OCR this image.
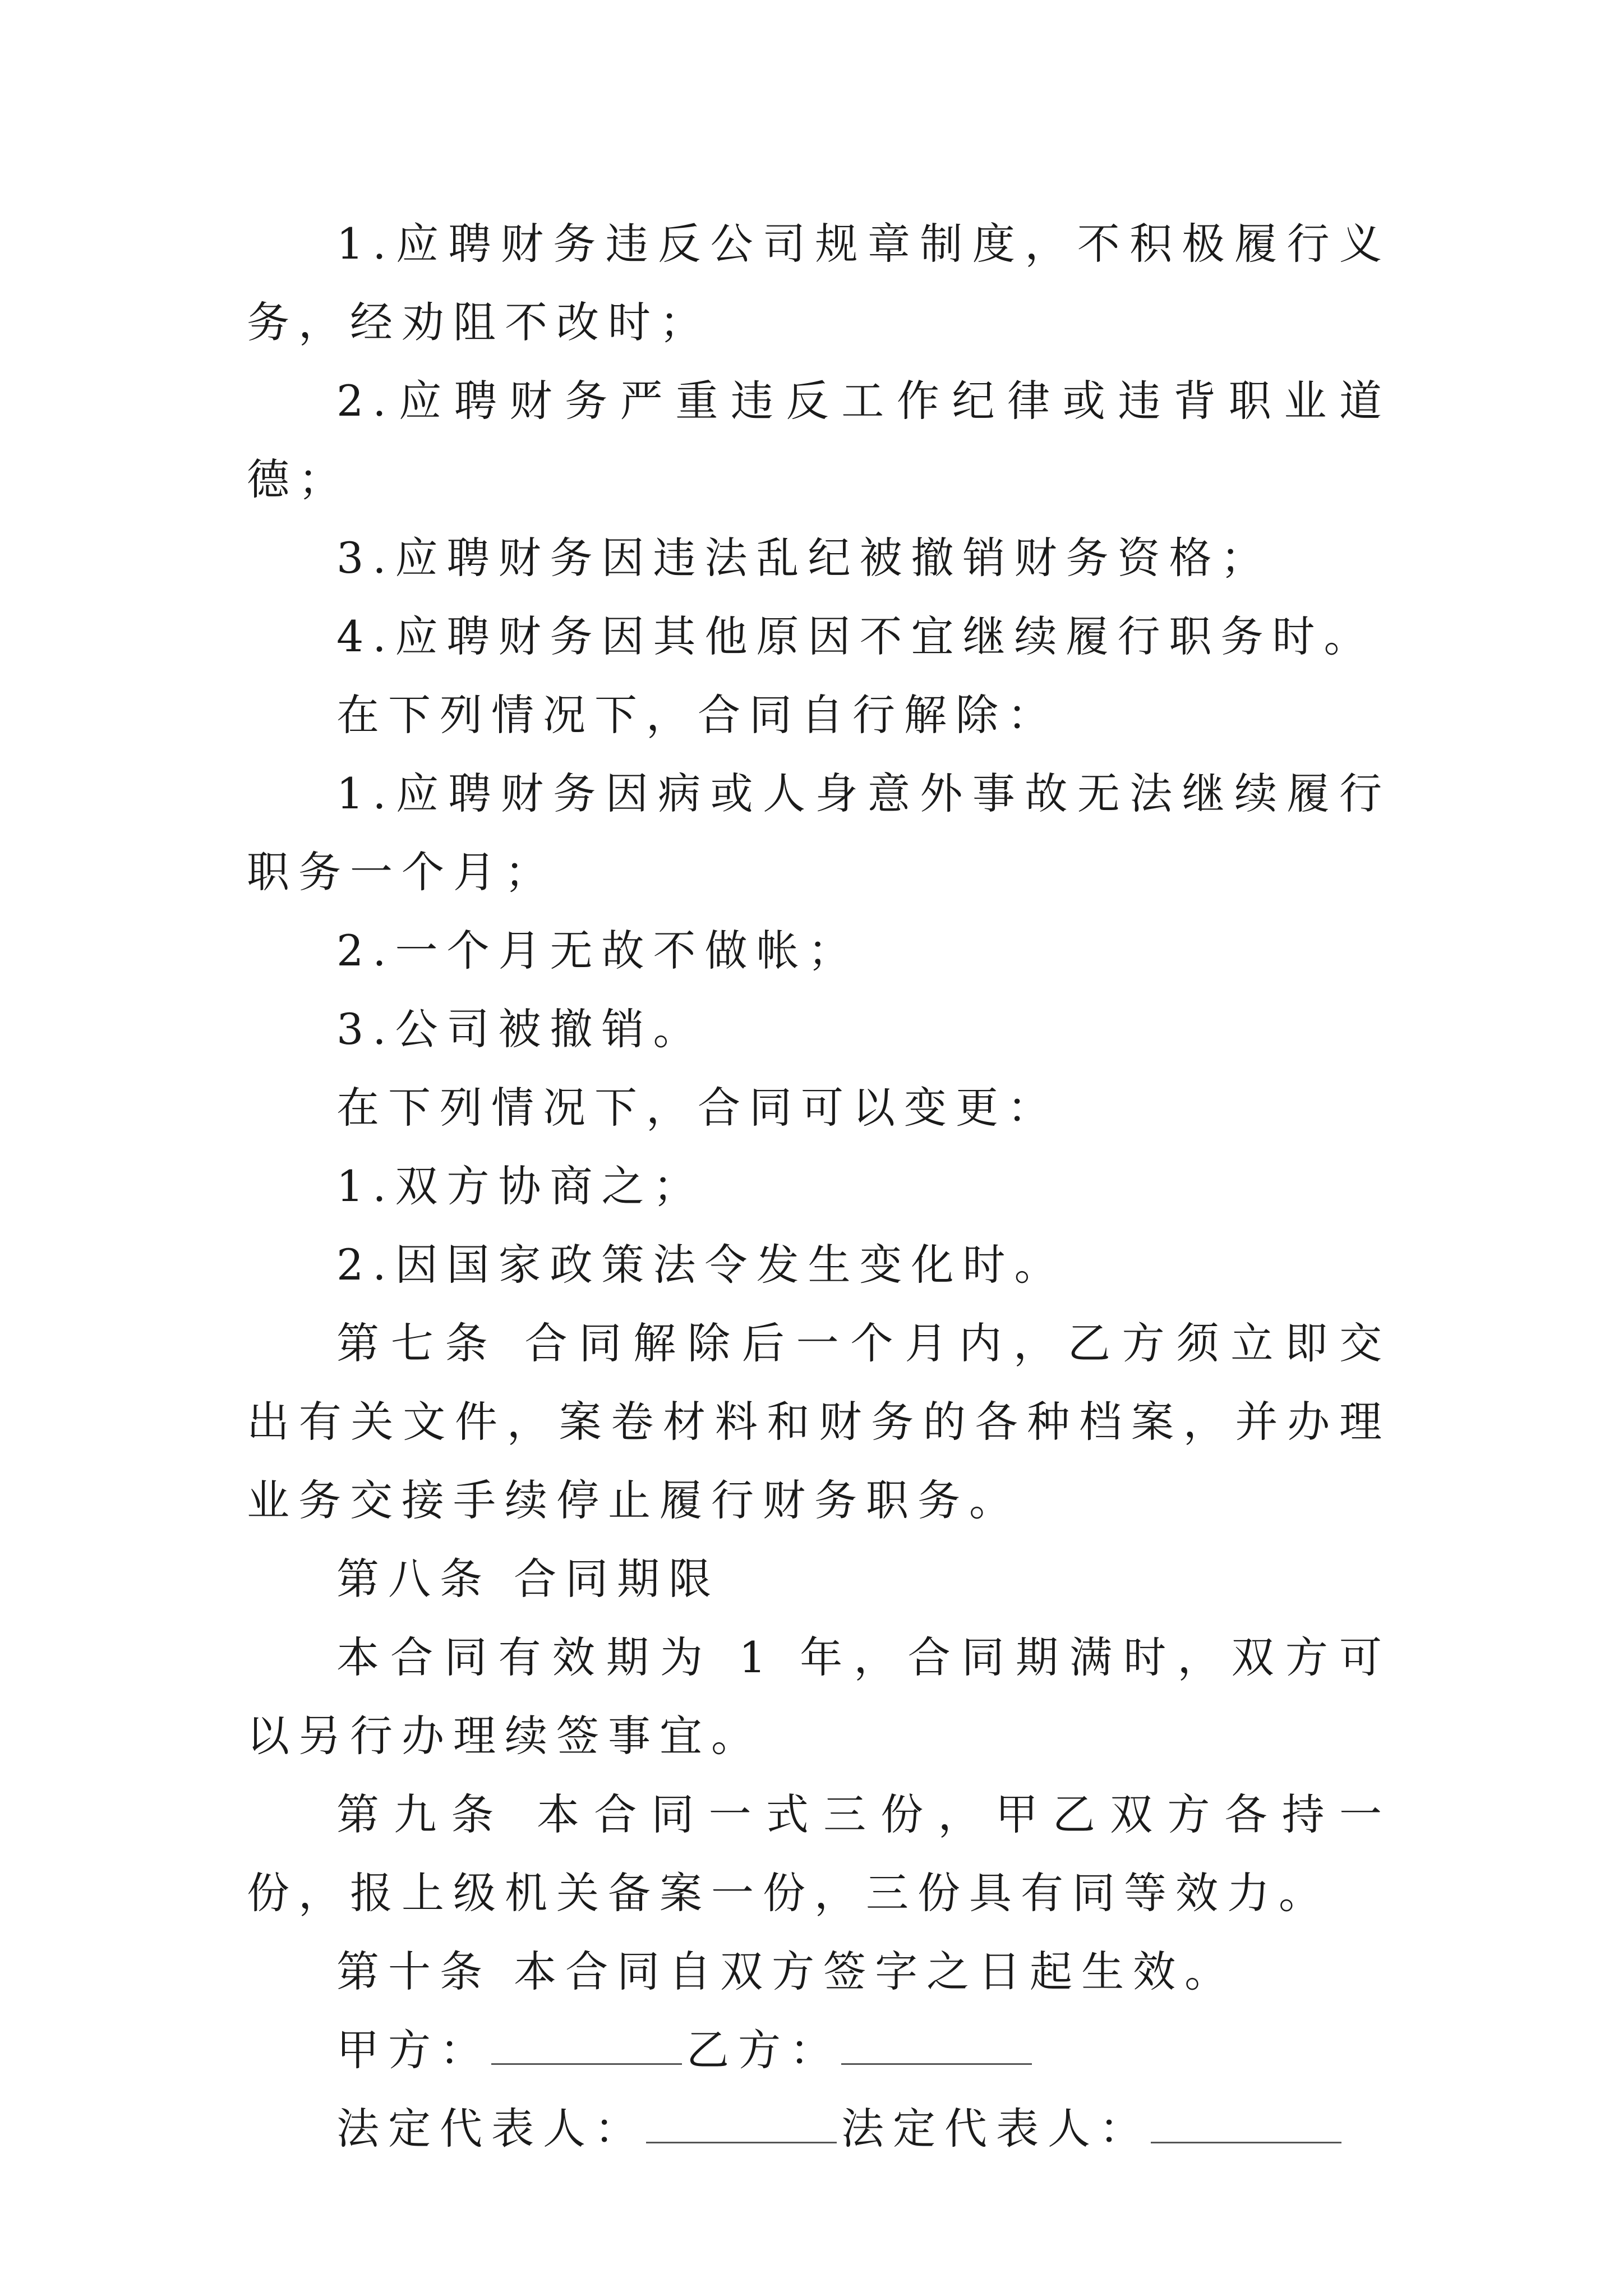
1.应聘财务违反公司规章制度，不积极履行义务，经劝阻不改时；

2.应聘财务严重违反工作纪律或违背职业道德；

3.应聘财务因违法乱纪被撤销财务资格；

4.应聘财务因其他原因不宜继续履行职务时。

在下列情况下，合同自行解除：

1.应聘财务因病或人身意外事故无法继续履行职务一个月；

2.一个月无故不做帐；

3.公司被撤销。

在下列情况下，合同可以变更：

1.双方协商之；

2.因国家政策法令发生变化时。

第七条 合同解除后一个月内，乙方须立即交出有关文件，案卷材料和财务的各种档案，并办理业务交接手续停止履行财务职务。

第八条 合同期限

本合同有效期为 1 年，合同期满时，双方可以另行办理续签事宜。

第九条 本合同一式三份，甲乙双方各持一份，报上级机关备案一份，三份具有同等效力。

第十条 本合同自双方签字之日起生效。

甲方：	乙方：

法定代表人：	法定代表人：
